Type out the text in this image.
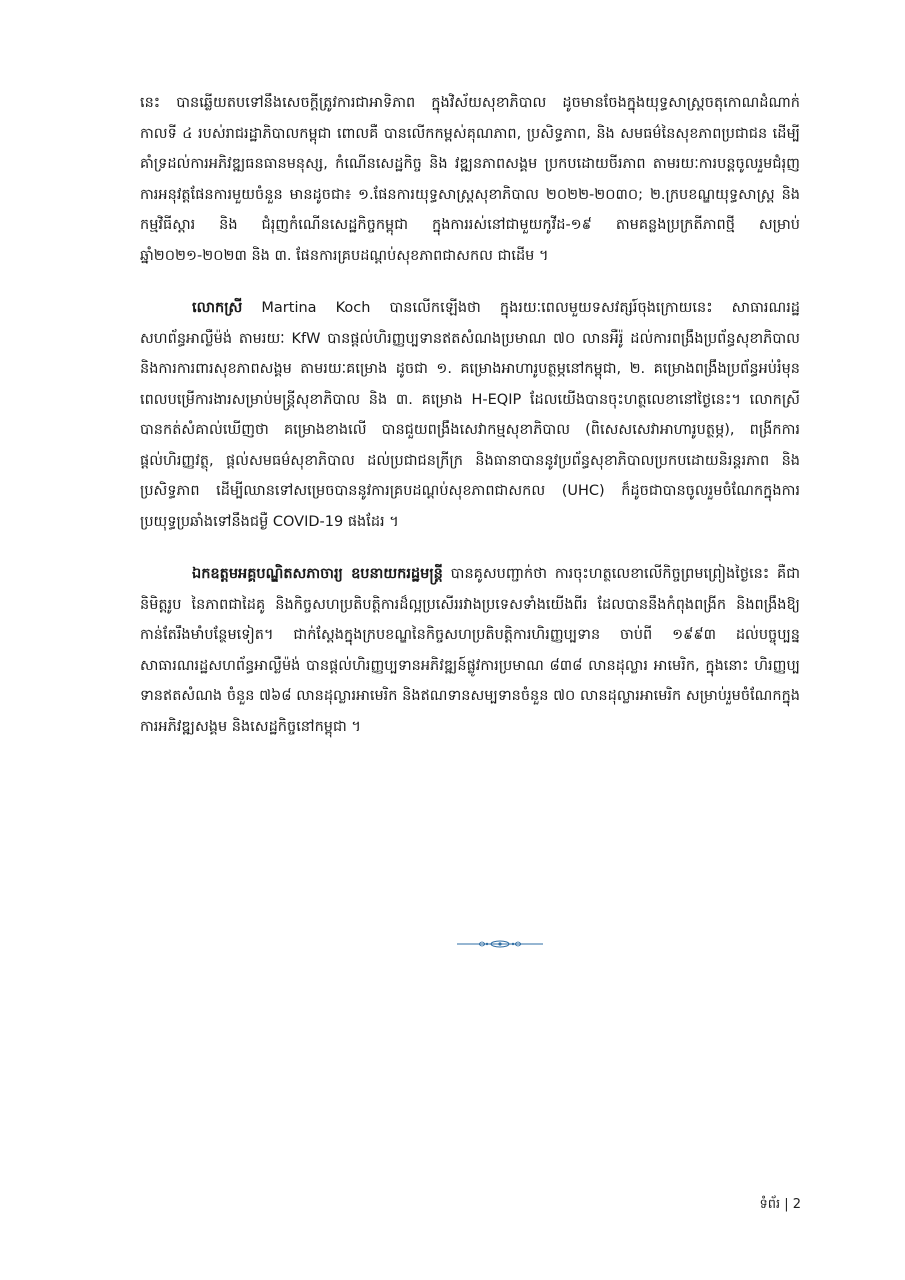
នេះ បានឆ្លើយតបទៅនឹងសេចក្តីត្រូវការជាអាទិភាព ក្នុងវិស័យសុខាភិបាល ដូចមានចែងក្នុងយុទ្ធសាស្ត្រចតុកោណដំណាក់កាលទី ៤ របស់រាជរដ្ឋាភិបាលកម្ពុជា ពោលគឺ បានលើកកម្ពស់គុណភាព, ប្រសិទ្ធភាព, និង សមធម៌នៃសុខភាពប្រជាជន ដើម្បីគាំទ្រដល់ការអភិវឌ្ឍធនធានមនុស្ស, កំណើនសេដ្ឋកិច្ច និង វឌ្ឍនភាពសង្គម ប្រកបដោយចីរភាព តាមរយៈការបន្តចូលរួមជំរុញការអនុវត្តផែនការមួយចំនួន មានដូចជា៖ ១.ផែនការយុទ្ធសាស្ត្រសុខាភិបាល ២០២២-២០៣០; ២.ក្របខណ្ឌយុទ្ធសាស្ត្រ និង កម្មវិធីស្តារ និង ជំរុញកំណើនសេដ្ឋកិច្ចកម្ពុជា ក្នុងការរស់នៅជាមួយកូវីដ-១៩ តាមគន្លងប្រក្រតីភាពថ្មី សម្រាប់ឆ្នាំ២០២១-២០២៣ និង ៣. ផែនការគ្របដណ្តប់សុខភាពជាសកល ជាដើម ។

លោកស្រី Martina Koch បានលើកឡើងថា ក្នុងរយៈពេលមួយទសវត្សរ៍ចុងក្រោយនេះ សាធារណរដ្ឋសហព័ន្ធអាល្លឺម៉ង់ តាមរយៈ KfW បានផ្តល់ហិរញ្ញប្បទានឥតសំណងប្រមាណ ៧០ លានអឺរ៉ូ ដល់ការពង្រឹងប្រព័ន្ធសុខាភិបាល និងការការពារសុខភាពសង្គម តាមរយៈគម្រោង ដូចជា ១. គម្រោងអាហារូបត្ថម្ភនៅកម្ពុជា, ២. គម្រោងពង្រឹងប្រព័ន្ធអប់រំមុនពេលបម្រើការងារសម្រាប់មន្ត្រីសុខាភិបាល និង ៣. គម្រោង H-EQIP ដែលយើងបានចុះហត្ថលេខានៅថ្ងៃនេះ។ លោកស្រីបានកត់សំគាល់ឃើញថា គម្រោងខាងលើ បានជួយពង្រឹងសេវាកម្មសុខាភិបាល (ពិសេសសេវាអាហារូបត្ថម្ភ), ពង្រីកការផ្តល់ហិរញ្ញវត្ថុ, ផ្តល់សមធម៌សុខាភិបាល ដល់ប្រជាជនក្រីក្រ និងធានាបាននូវប្រព័ន្ធសុខាភិបាលប្រកបដោយនិរន្តរភាព និងប្រសិទ្ធភាព ដើម្បីឈានទៅសម្រេចបាននូវការគ្របដណ្តប់សុខភាពជាសកល (UHC) ក៏ដូចជាបានចូលរួមចំណែកក្នុងការប្រយុទ្ធប្រឆាំងទៅនឹងជម្ងឺ COVID-19 ផងដែរ ។

ឯកឧត្តមអគ្គបណ្ឌិតសភាចារ្យ ឧបនាយករដ្ឋមន្ត្រី បានគូសបញ្ជាក់ថា ការចុះហត្ថលេខាលើកិច្ចព្រមព្រៀងថ្ងៃនេះ គឺជានិមិត្តរូប នៃភាពជាដៃគូ និងកិច្ចសហប្រតិបត្តិការដ៏ល្អប្រសើររវាងប្រទេសទាំងយើងពីរ ដែលបាននឹងកំពុងពង្រីក និងពង្រឹងឱ្យកាន់តែរឹងមាំបន្ថែមទៀត។ ជាក់ស្តែងក្នុងក្របខណ្ឌនៃកិច្ចសហប្រតិបត្តិការហិរញ្ញប្បទាន ចាប់ពី ១៩៩៣ ដល់បច្ចុប្បន្ន សាធារណរដ្ឋសហព័ន្ធអាល្លឺម៉ង់ បានផ្តល់ហិរញ្ញប្បទានអភិវឌ្ឍន៍ផ្លូវការប្រមាណ ៨៣៨ លានដុល្លារ អាមេរិក, ក្នុងនោះ ហិរញ្ញប្បទានឥតសំណង ចំនួន ៧៦៨ លានដុល្លារអាមេរិក និងឥណទានសម្បទានចំនួន ៧០ លានដុល្លារអាមេរិក សម្រាប់រួមចំណែកក្នុងការអភិវឌ្ឍសង្គម និងសេដ្ឋកិច្ចនៅកម្ពុជា ។

ទំព័រ | 2
